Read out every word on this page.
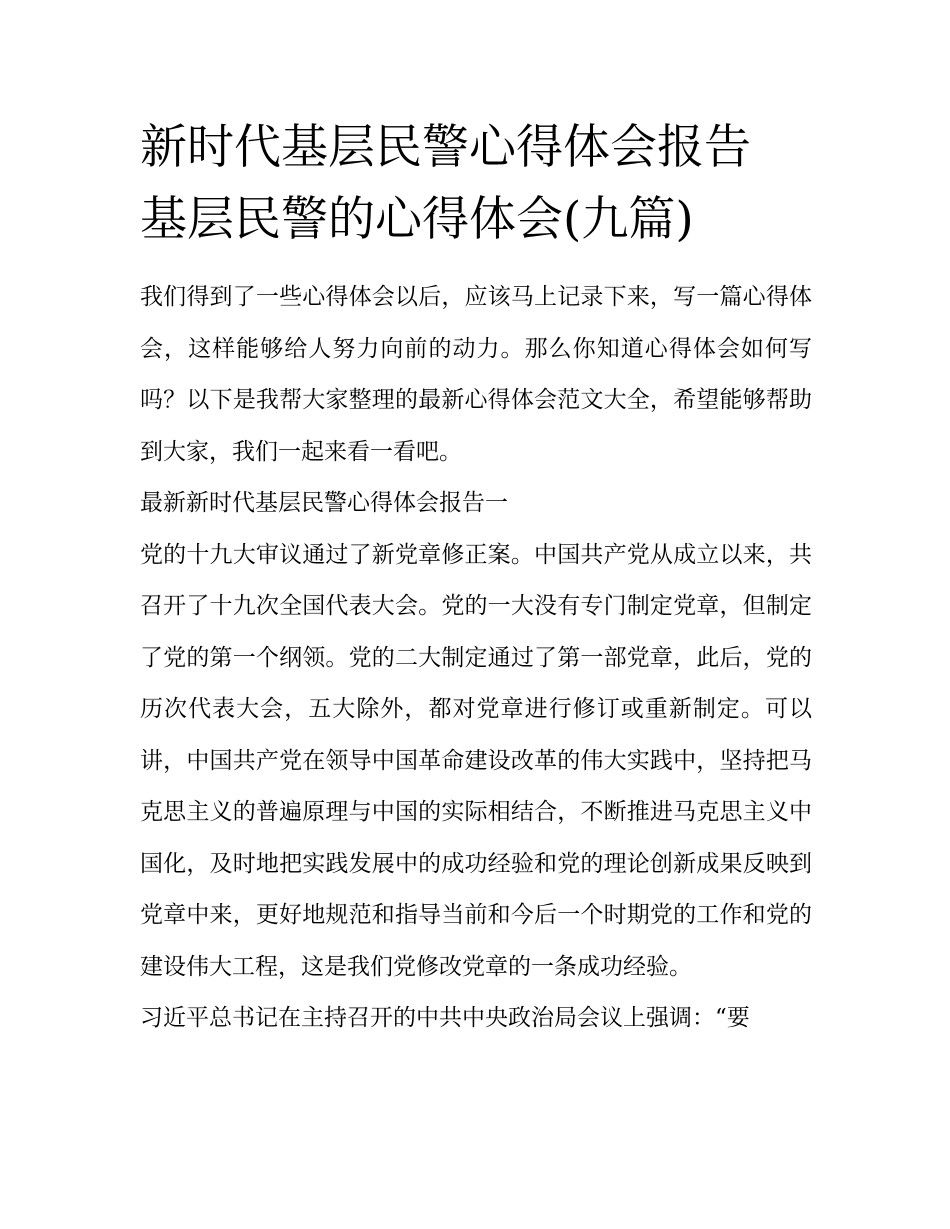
新时代基层民警心得体会报告
基层民警的心得体会(九篇)

我们得到了一些心得体会以后，应该马上记录下来，写一篇心得体会，这样能够给人努力向前的动力。那么你知道心得体会如何写吗？以下是我帮大家整理的最新心得体会范文大全，希望能够帮助到大家，我们一起来看一看吧。

最新新时代基层民警心得体会报告一

党的十九大审议通过了新党章修正案。中国共产党从成立以来，共召开了十九次全国代表大会。党的一大没有专门制定党章，但制定了党的第一个纲领。党的二大制定通过了第一部党章，此后，党的历次代表大会，五大除外，都对党章进行修订或重新制定。可以讲，中国共产党在领导中国革命建设改革的伟大实践中，坚持把马克思主义的普遍原理与中国的实际相结合，不断推进马克思主义中国化，及时地把实践发展中的成功经验和党的理论创新成果反映到党章中来，更好地规范和指导当前和今后一个时期党的工作和党的建设伟大工程，这是我们党修改党章的一条成功经验。

习近平总书记在主持召开的中共中央政治局会议上强调：“要
